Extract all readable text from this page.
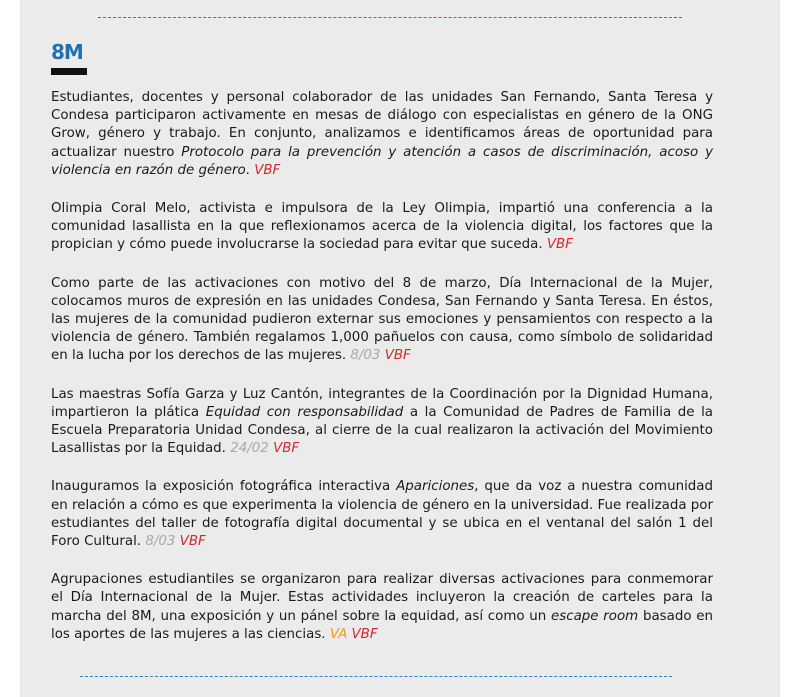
8M

Estudiantes, docentes y personal colaborador de las unidades San Fernando, Santa Teresa y Condesa participaron activamente en mesas de diálogo con especialistas en género de la ONG Grow, género y trabajo. En conjunto, analizamos e identificamos áreas de oportunidad para actualizar nuestro Protocolo para la prevención y atención a casos de discriminación, acoso y violencia en razón de género. VBF

Olimpia Coral Melo, activista e impulsora de la Ley Olimpia, impartió una conferencia a la comunidad lasallista en la que reflexionamos acerca de la violencia digital, los factores que la propician y cómo puede involucrarse la sociedad para evitar que suceda. VBF

Como parte de las activaciones con motivo del 8 de marzo, Día Internacional de la Mujer, colocamos muros de expresión en las unidades Condesa, San Fernando y Santa Teresa. En éstos, las mujeres de la comunidad pudieron externar sus emociones y pensamientos con respecto a la violencia de género. También regalamos 1,000 pañuelos con causa, como símbolo de solidaridad en la lucha por los derechos de las mujeres. 8/03 VBF

Las maestras Sofía Garza y Luz Cantón, integrantes de la Coordinación por la Dignidad Humana, impartieron la plática Equidad con responsabilidad a la Comunidad de Padres de Familia de la Escuela Preparatoria Unidad Condesa, al cierre de la cual realizaron la activación del Movimiento Lasallistas por la Equidad. 24/02 VBF

Inauguramos la exposición fotográfica interactiva Apariciones, que da voz a nuestra comunidad en relación a cómo es que experimenta la violencia de género en la universidad. Fue realizada por estudiantes del taller de fotografía digital documental y se ubica en el ventanal del salón 1 del Foro Cultural. 8/03 VBF

Agrupaciones estudiantiles se organizaron para realizar diversas activaciones para conmemorar el Día Internacional de la Mujer. Estas actividades incluyeron la creación de carteles para la marcha del 8M, una exposición y un pánel sobre la equidad, así como un escape room basado en los aportes de las mujeres a las ciencias. VA VBF
